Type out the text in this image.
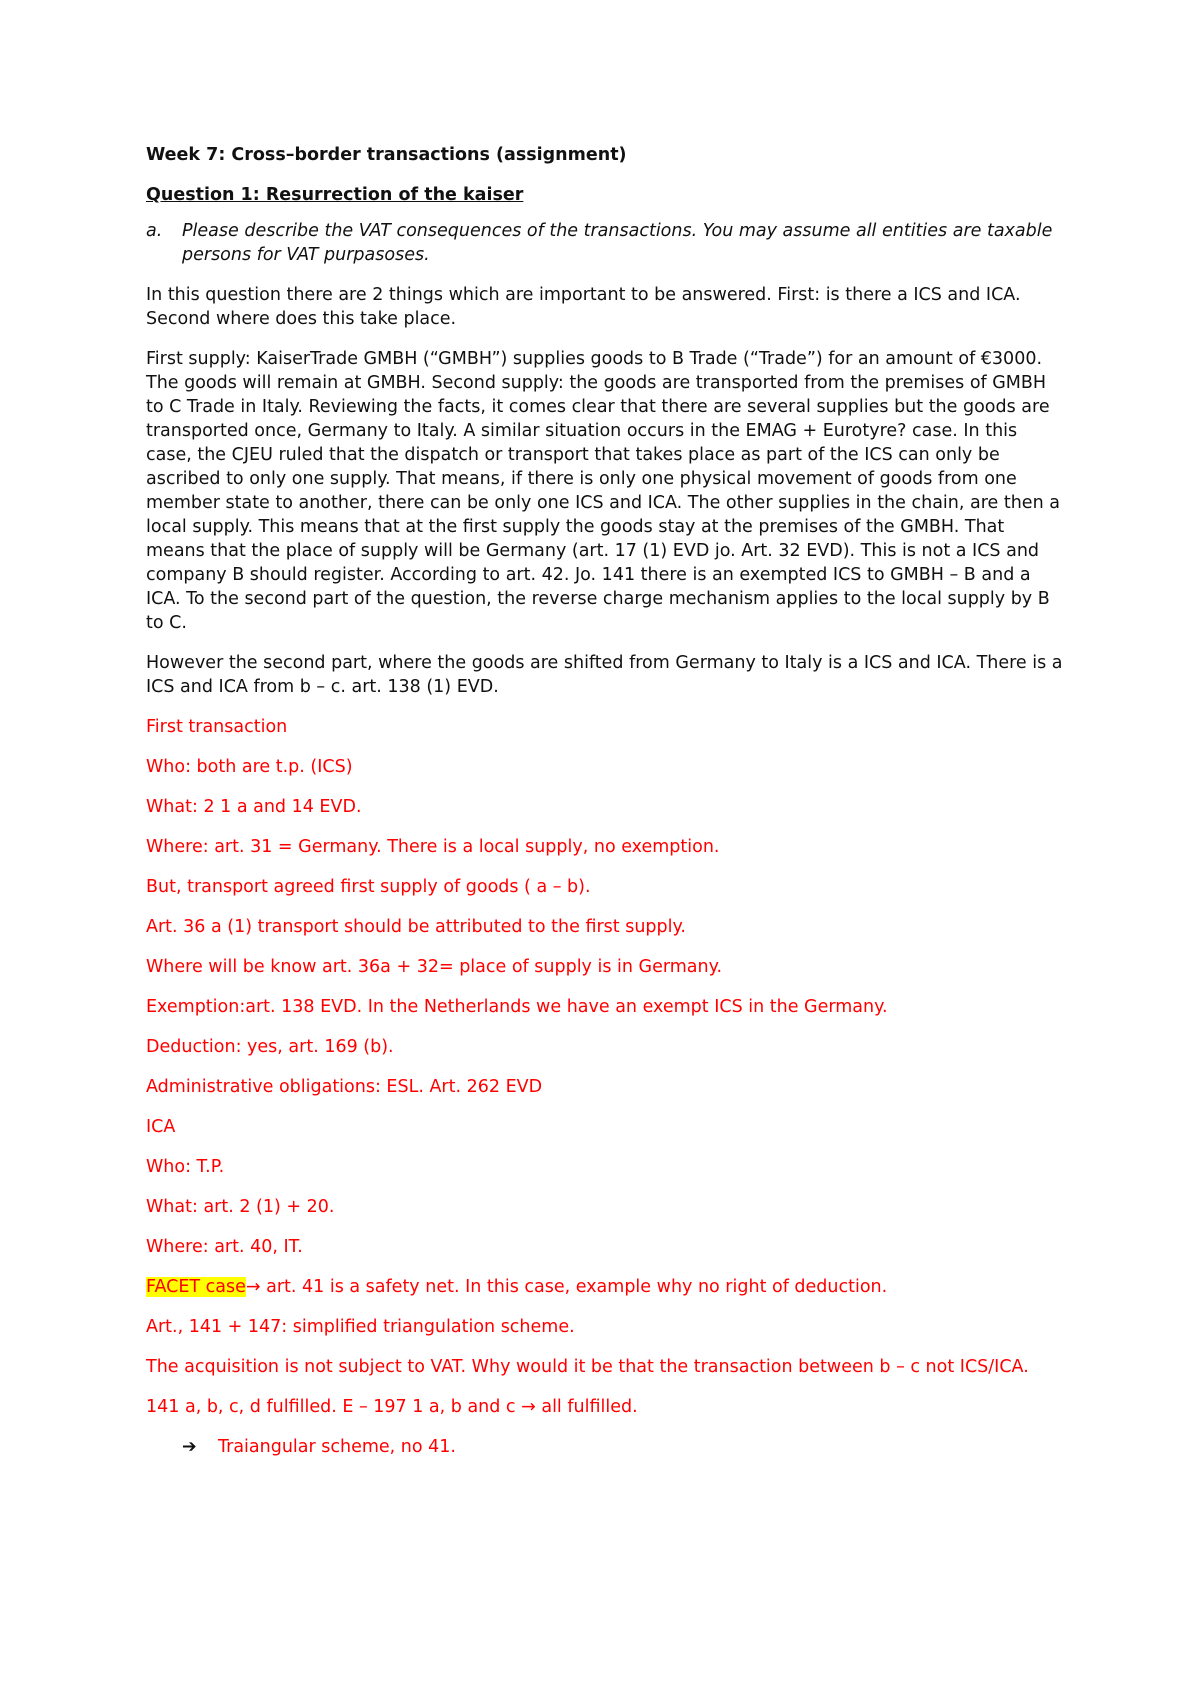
Week 7: Cross–border transactions (assignment)

Question 1: Resurrection of the kaiser

a.	Please describe the VAT consequences of the transactions. You may assume all entities are taxable persons for VAT purpasoses.

In this question there are 2 things which are important to be answered. First: is there a ICS and ICA. Second where does this take place.

First supply: KaiserTrade GMBH (“GMBH”) supplies goods to B Trade (“Trade”) for an amount of €3000. The goods will remain at GMBH. Second supply: the goods are transported from the premises of GMBH to C Trade in Italy. Reviewing the facts, it comes clear that there are several supplies but the goods are transported once, Germany to Italy. A similar situation occurs in the EMAG + Eurotyre? case. In this case, the CJEU ruled that the dispatch or transport that takes place as part of the ICS can only be ascribed to only one supply. That means, if there is only one physical movement of goods from one member state to another, there can be only one ICS and ICA. The other supplies in the chain, are then a local supply. This means that at the first supply the goods stay at the premises of the GMBH. That means that the place of supply will be Germany (art. 17 (1) EVD jo. Art. 32 EVD). This is not a ICS and company B should register. According to art. 42. Jo. 141 there is an exempted ICS to GMBH – B and a ICA. To the second part of the question, the reverse charge mechanism applies to the local supply by B to C.

However the second part, where the goods are shifted from Germany to Italy is a ICS and ICA. There is a ICS and ICA from b – c. art. 138 (1) EVD.

First transaction

Who: both are t.p. (ICS)

What: 2 1 a and 14 EVD.

Where: art. 31 = Germany. There is a local supply, no exemption.

But, transport agreed first supply of goods ( a – b).

Art. 36 a (1) transport should be attributed to the first supply.

Where will be know art. 36a + 32= place of supply is in Germany.

Exemption:art. 138 EVD. In the Netherlands we have an exempt ICS in the Germany.

Deduction: yes, art. 169 (b).

Administrative obligations: ESL. Art. 262 EVD

ICA

Who: T.P.

What: art. 2 (1) + 20.

Where: art. 40, IT.

FACET case→ art. 41 is a safety net. In this case, example why no right of deduction.

Art., 141 + 147: simplified triangulation scheme.

The acquisition is not subject to VAT. Why would it be that the transaction between b – c not ICS/ICA.

141 a, b, c, d fulfilled. E – 197 1 a, b and c → all fulfilled.

➔	Traiangular scheme, no 41.
